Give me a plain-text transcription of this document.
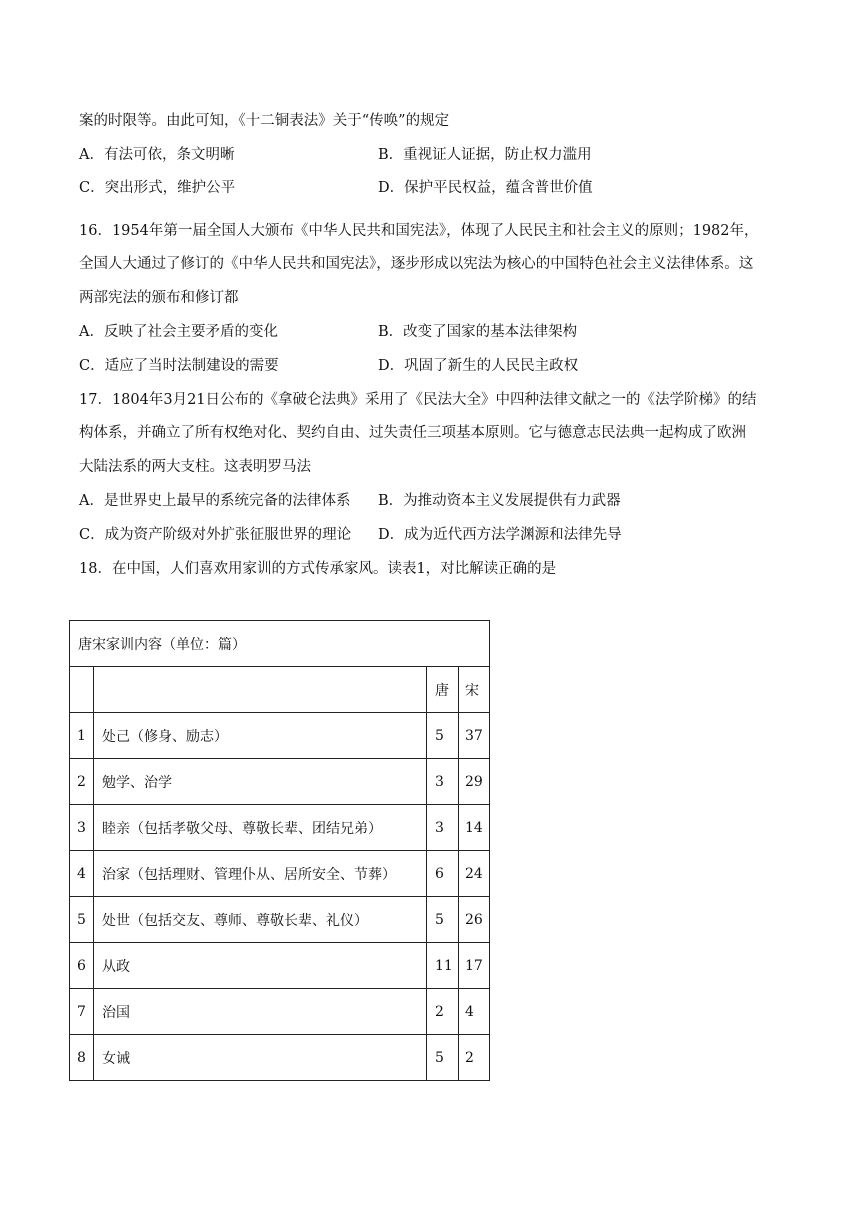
案的时限等。由此可知，《十二铜表法》关于“传唤”的规定
A．有法可依，条文明晰	B．重视证人证据，防止权力滥用
C．突出形式，维护公平	D．保护平民权益，蕴含普世价值
16．1954年第一届全国人大颁布《中华人民共和国宪法》，体现了人民民主和社会主义的原则；1982年，
全国人大通过了修订的《中华人民共和国宪法》，逐步形成以宪法为核心的中国特色社会主义法律体系。这
两部宪法的颁布和修订都
A．反映了社会主要矛盾的变化	B．改变了国家的基本法律架构
C．适应了当时法制建设的需要	D．巩固了新生的人民民主政权
17．1804年3月21日公布的《拿破仑法典》采用了《民法大全》中四种法律文献之一的《法学阶梯》的结
构体系，并确立了所有权绝对化、契约自由、过失责任三项基本原则。它与德意志民法典一起构成了欧洲
大陆法系的两大支柱。这表明罗马法
A．是世界史上最早的系统完备的法律体系 B．为推动资本主义发展提供有力武器
C．成为资产阶级对外扩张征服世界的理论 D．成为近代西方法学渊源和法律先导
18．在中国，人们喜欢用家训的方式传承家风。读表1，对比解读正确的是
唐宋家训内容（单位：篇）			
		唐	宋
1	处己（修身、励志）	5	37
2	勉学、治学	3	29
3	睦亲（包括孝敬父母、尊敬长辈、团结兄弟）	3	14
4	治家（包括理财、管理仆从、居所安全、节葬）	6	24
5	处世（包括交友、尊师、尊敬长辈、礼仪）	5	26
6	从政	11	17
7	治国	2	4
8	女诫	5	2
